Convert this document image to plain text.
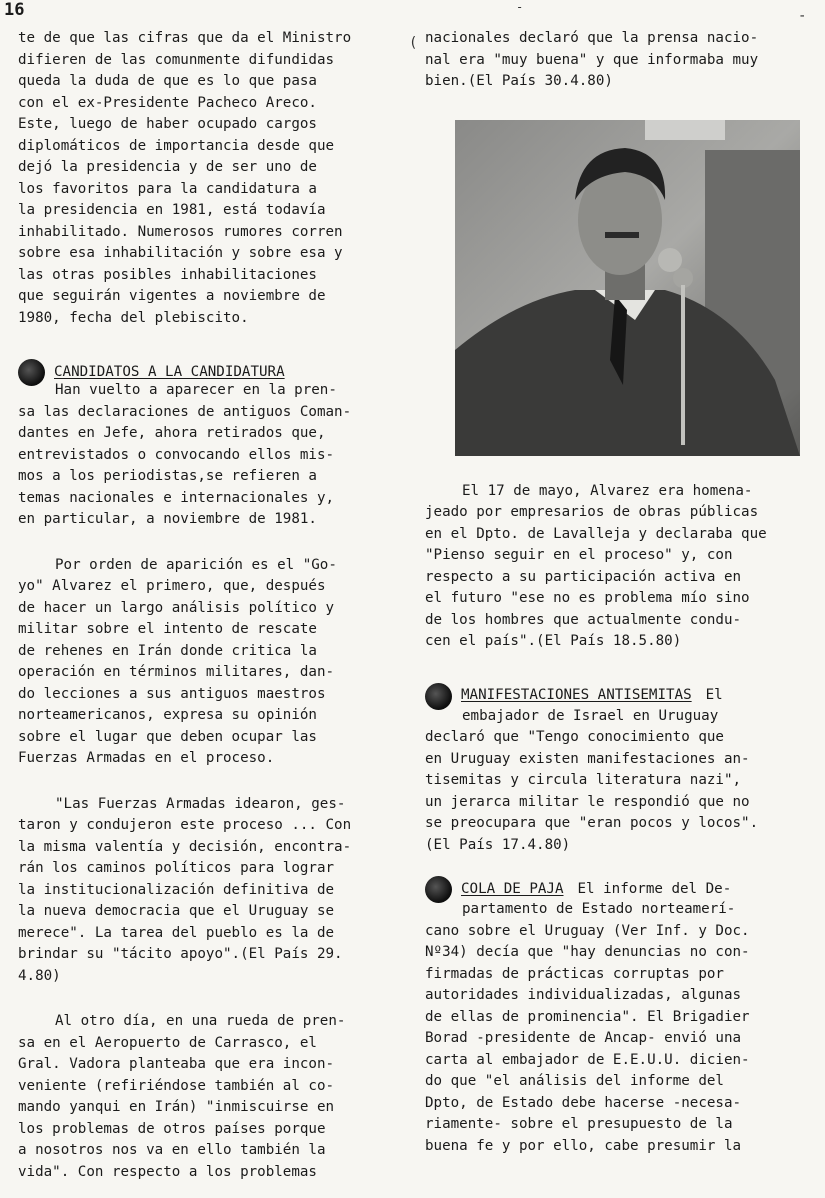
16	-
-
(

te de que las cifras que da el Ministro

difieren de las comunmente difundidas

queda la duda de que es lo que pasa

con el ex-Presidente Pacheco Areco.

Este, luego de haber ocupado cargos

diplomáticos de importancia desde que

dejó la presidencia y de ser uno de

los favoritos para la candidatura a

la presidencia en 1981, está todavía

inhabilitado. Numerosos rumores corren

sobre esa inhabilitación y sobre esa y

las otras posibles inhabilitaciones

que seguirán vigentes a noviembre de

1980, fecha del plebiscito.

CANDIDATOS A LA CANDIDATURA

Han vuelto a aparecer en la pren-

sa las declaraciones de antiguos Coman-

dantes en Jefe, ahora retirados que,

entrevistados o convocando ellos mis-

mos a los periodistas,se refieren a

temas nacionales e internacionales y,

en particular, a noviembre de 1981.

Por orden de aparición es el "Go-

yo" Alvarez el primero, que, después

de hacer un largo análisis político y

militar sobre el intento de rescate

de rehenes en Irán donde critica la

operación en términos militares, dan-

do lecciones a sus antiguos maestros

norteamericanos, expresa su opinión

sobre el lugar que deben ocupar las

Fuerzas Armadas en el proceso.

"Las Fuerzas Armadas idearon, ges-

taron y condujeron este proceso ... Con

la misma valentía y decisión, encontra-

rán los caminos políticos para lograr

la institucionalización definitiva de

la nueva democracia que el Uruguay se

merece". La tarea del pueblo es la de

brindar su "tácito apoyo".(El País 29.

4.80)

Al otro día, en una rueda de pren-

sa en el Aeropuerto de Carrasco, el

Gral. Vadora planteaba que era incon-

veniente (refiriéndose también al co-

mando yanqui en Irán) "inmiscuirse en

los problemas de otros países porque

a nosotros nos va en ello también la

vida". Con respecto a los problemas

nacionales declaró que la prensa nacio-

nal era "muy buena" y que informaba muy

bien.(El País 30.4.80)

El 17 de mayo, Alvarez era homena-

jeado por empresarios de obras públicas

en el Dpto. de Lavalleja y declaraba que

"Pienso seguir en el proceso" y, con

respecto a su participación activa en

el futuro "ese no es problema mío sino

de los hombres que actualmente condu-

cen el país".(El País 18.5.80)

MANIFESTACIONES ANTISEMITAS El

embajador de Israel en Uruguay

declaró que "Tengo conocimiento que

en Uruguay existen manifestaciones an-

tisemitas y circula literatura nazi",

un jerarca militar le respondió que no

se preocupara que "eran pocos y locos".

(El País 17.4.80)

COLA DE PAJA El informe del De-

partamento de Estado norteamerí-

cano sobre el Uruguay (Ver Inf. y Doc.

Nº34) decía que "hay denuncias no con-

firmadas de prácticas corruptas por

autoridades individualizadas, algunas

de ellas de prominencia". El Brigadier

Borad -presidente de Ancap- envió una

carta al embajador de E.E.U.U. dicien-

do que "el análisis del informe del

Dpto, de Estado debe hacerse -necesa-

riamente- sobre el presupuesto de la

buena fe y por ello, cabe presumir la
